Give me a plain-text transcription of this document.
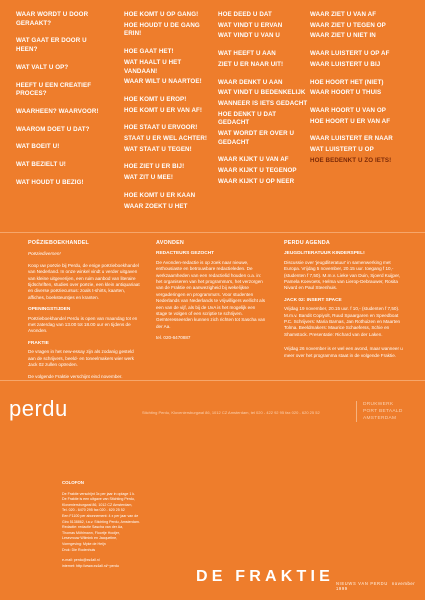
WAAR WORDT U DOOR GERAAKT?
WAT GAAT ER DOOR U HEEN?
WAT VALT U OP?
HEEFT U EEN CREATIEF PROCES?
WAARHEEN? WAARVOOR!
WAAROM DOET U DAT?
WAT BOEIT U!
WAT BEZIELT U!
WAT HOUDT U BEZIG!
HOE KOMT U OP GANG!
HOE HOUDT U DE GANG ERIN!
HOE GAAT HET!
WAT HAALT U HET VANDAAN!
WAAR WILT U NAARTOE!
HOE KOMT U EROP!
HOE KOMT U ER VAN AF!
HOE STAAT U ERVOOR!
STAAT U ER WEL ACHTER!
WAT STAAT U TEGEN!
HOE ZIET U ER BIJ!
WAT ZIT U MEE!
HOE KOMT U ER KAAN
WAAR ZOEKT U HET
HOE DEED U DAT
WAT VINDT U ERVAN
WAT VINDT U VAN U
WAT HEEFT U AAN
ZIET U ER NAAR UIT!
WAAR DENKT U AAN
WAT VINDT U BEDENKELIJK
WANNEER IS IETS GEDACHT
HOE DENKT U DAT GEDACHT
WAT WORDT ER OVER U GEDACHT
WAAR KIJKT U VAN AF
WAAR KIJKT U TEGENOP
WAAR KIJKT U OP NEER
WAAR ZIET U VAN AF
WAAR ZIET U TEGEN OP
WAAR ZIET U NIET IN
WAAR LUISTERT U OP AF
WAAR LUISTERT U BIJ
HOE HOORT HET (NIET)
WAAR HOORT U THUIS
WAAR HOORT U VAN OP
HOE HOORT U ER VAN AF
WAAR LUISTERT ER NAAR
WAT LUISTERT U OP
HOE BEDENKT U ZO IETS!
POËZIEBOEKHANDEL

Poëziediversen!

Koop uw poëzie bij Perdu, de enige poëzieboekhandel van Nederland. In onze winkel vindt u verder uitgaven van kleine uitgeverijen, een ruim aanbod van literaire tijdschriften, studies over poëzie, een klein antiquariaat en diverse poëziecursus: zoals t-shirts, kaarten, affiches, boeksteuntjes en kranten.

OPENINGSTIJDEN

Poëzieboekhandel Perdu is open van maandag tot en met zaterdag van 13.00 tot 18.00 uur en tijdens de Avonden.

FRAKTIE

De vragen in het new-essay zijn als zodanig gesteld aan de schrijvers, beeld- en toneelmakers wier werk Jack 02 zullen optreden.

De volgende Fraktie verschijnt eind november.

AVONDEN
REDACTEURS GEZOCHT

De Avonden-redactie is op zoek naar nieuwe, enthousiaste en betrouwbare redactieleden. De werkzaamheden van een redactielid houden o.a. in: het organiseren van het programma's, het verzorgen van de Fraktie en aanwezigheid bij wekelijkse vergaderingen en programma's. Voor studenten Nederlands van Nederlands te vrijwilligers wellicht als een van de vijf, als bij de UvA is het mogelijk een stage te volgen of een scriptie te schrijven. Geïnteresseerden kunnen zich richten tot Sascha van der Aa.

tel. 020-6470887

PERDU AGENDA
JEUGDLITERATUUR KINDERSPEL!

Discussie over 'jeugdliteratuur' in samenwerking met Europa. Vrijdag 5 november, 20.15 uur. toegang f 10,- (studenten f 7,50). M.m.v. Lieke van Duin, Sjoerd Kuijper, Pamela Koevoets, Helma van Lierop-Debrauwer, Rosita Nivard en Paul Steenhuis.

JACK 02: INSERT SPACE

Vrijdag 19 november, 20.15 uur. f 10,- (studenten f 7,50). M.m.v. Bandit Copiyolt, Ruud Spaargaren en Speedboat P.C. Schrijvers: Maria Barnas, Jan Rothuizen en Maarten Tolma. Beeldmakers: Maurice Schaeferss, Schie en Shamstock. Presentatie: Richard van der Laken.

Vrijdag 26 november is er wel een avond, maar wanneer u meer over het programma staat in de volgende Fraktie.

perdu	Stichting Perdu, Kloveniersburgwal 86, 1012 CZ Amsterdam, tel 020 - 422 92 95 fax 020 - 620 25 52
DRUKWERK
PORT BETAALD
AMSTERDAM
COLOFON

De Fraktie verschijnt 3x per jaar in oplage 1 k.

De Fraktie is een uitgave van Stichting Perdu,

Kloveniersburgwal 86, 1012 CZ Amsterdam,

Tel. 020 - 6470 295 fax 020 - 620 25 52

Een F1100 per abonnement: 4 x per jaar van de

Giro 5138862, t.a.v. Stichting Perdu, Amsterdam.

Redactie: redactie Sascha van der Aa,

Thomas Möhlmann, Floortje Hooijer,

Lesevrouw Wilmink en Jacqueline,

Vormgeving: Myke de Heijn

Druk: Die Rodenhuis

e-mail: perdu@xs4all.nl

internet: http://www.xs4all.nl/~perdu

DE FRAKTIE NIEUWS VAN PERDU november 1999
